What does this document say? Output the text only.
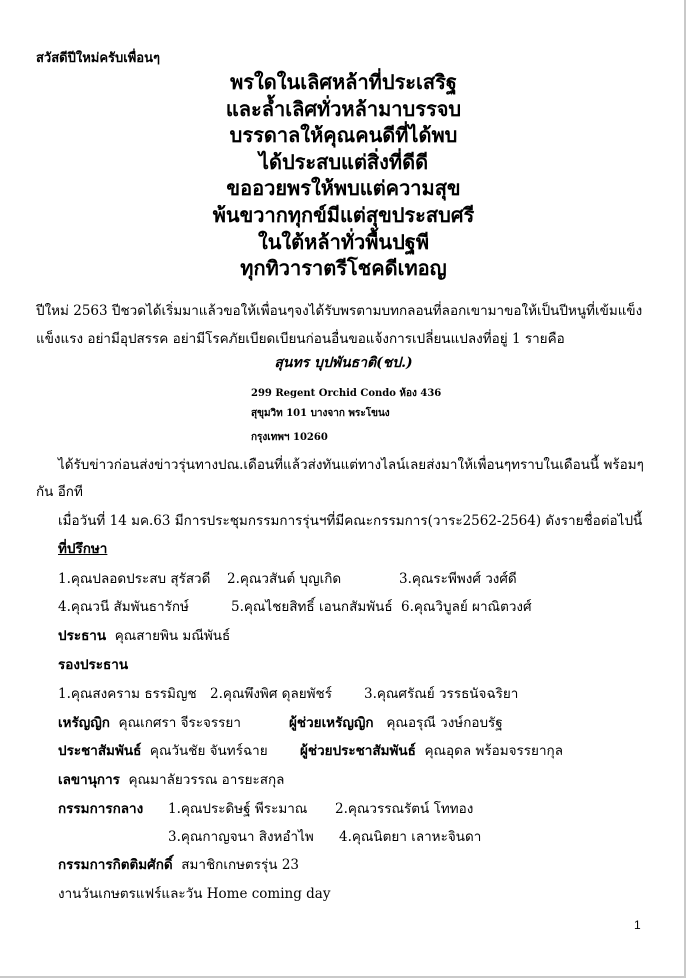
สวัสดีปีใหม่ครับเพื่อนๆ
พรใดในเลิศหล้าที่ประเสริฐ
และล้ำเลิศทั่วหล้ามาบรรจบ
บรรดาลให้คุณคนดีที่ได้พบ
ได้ประสบแต่สิ่งที่ดีดี
ขออวยพรให้พบแต่ความสุข
พ้นขวากทุกข์มีแต่สุขประสบศรี
ในใต้หล้าทั่วพื้นปฐพี
ทุกทิวาราตรีโชคดีเทอญ
ปีใหม่ 2563 ปีชวดได้เริ่มมาแล้วขอให้เพื่อนๆจงได้รับพรตามบทกลอนที่ลอกเขามาขอให้เป็นปีหนูที่เข้มแข็ง แข็งแรง อย่ามีอุปสรรค อย่ามีโรคภัยเบียดเบียนก่อนอื่นขอแจ้งการเปลี่ยนแปลงที่อยู่ 1 รายคือ
สุนทร บุปพันธาติ(ชป.)
299 Regent Orchid Condo ห้อง 436
สุขุมวิท 101 บางจาก พระโขนง
กรุงเทพฯ 10260
ได้รับข่าวก่อนส่งข่าวรุ่นทางปณ.เดือนที่แล้วส่งทันแต่ทางไลน์เลยส่งมาให้เพื่อนๆทราบในเดือนนี้ พร้อมๆกัน อีกที
เมื่อวันที่ 14 มค.63 มีการประชุมกรรมการรุ่นฯที่มีคณะกรรมการ(วาระ2562-2564) ดังรายชื่อต่อไปนี้
ที่ปรึกษา
1.คุณปลอดประสบ สุรัสวดี 2.คุณวสันต์ บุญเกิด	3.คุณระพีพงศ์ วงศ์ดี
4.คุณวนี สัมพันธารักษ์	5.คุณไชยสิทธิ์ เอนกสัมพันธ์ 6.คุณวิบูลย์ ผาณิตวงศ์
ประธาน คุณสายพิน มณีพันธ์
รองประธาน
1.คุณสงคราม ธรรมิญช 2.คุณพึงพิศ ดุลยพัชร์ 3.คุณศรัณย์ วรรธนัจฉริยา
เหรัญญิก คุณเกศรา จีระจรรยา	ผู้ช่วยเหรัญญิก คุณอรุณี วงษ์กอบรัฐ
ประชาสัมพันธ์ คุณวันชัย จันทร์ฉาย ผู้ช่วยประชาสัมพันธ์ คุณอุดล พร้อมจรรยากุล
เลขานุการ คุณมาลัยวรรณ อารยะสกุล
กรรมการกลาง 1.คุณประดิษฐ์ พีระมาณ 2.คุณวรรณรัตน์ โททอง
3.คุณกาญจนา สิงหอำไพ 4.คุณนิตยา เลาหะจินดา
กรรมการกิตติมศักดิ์ สมาชิกเกษตรรุ่น 23
งานวันเกษตรแฟร์และวัน Home coming day
1
